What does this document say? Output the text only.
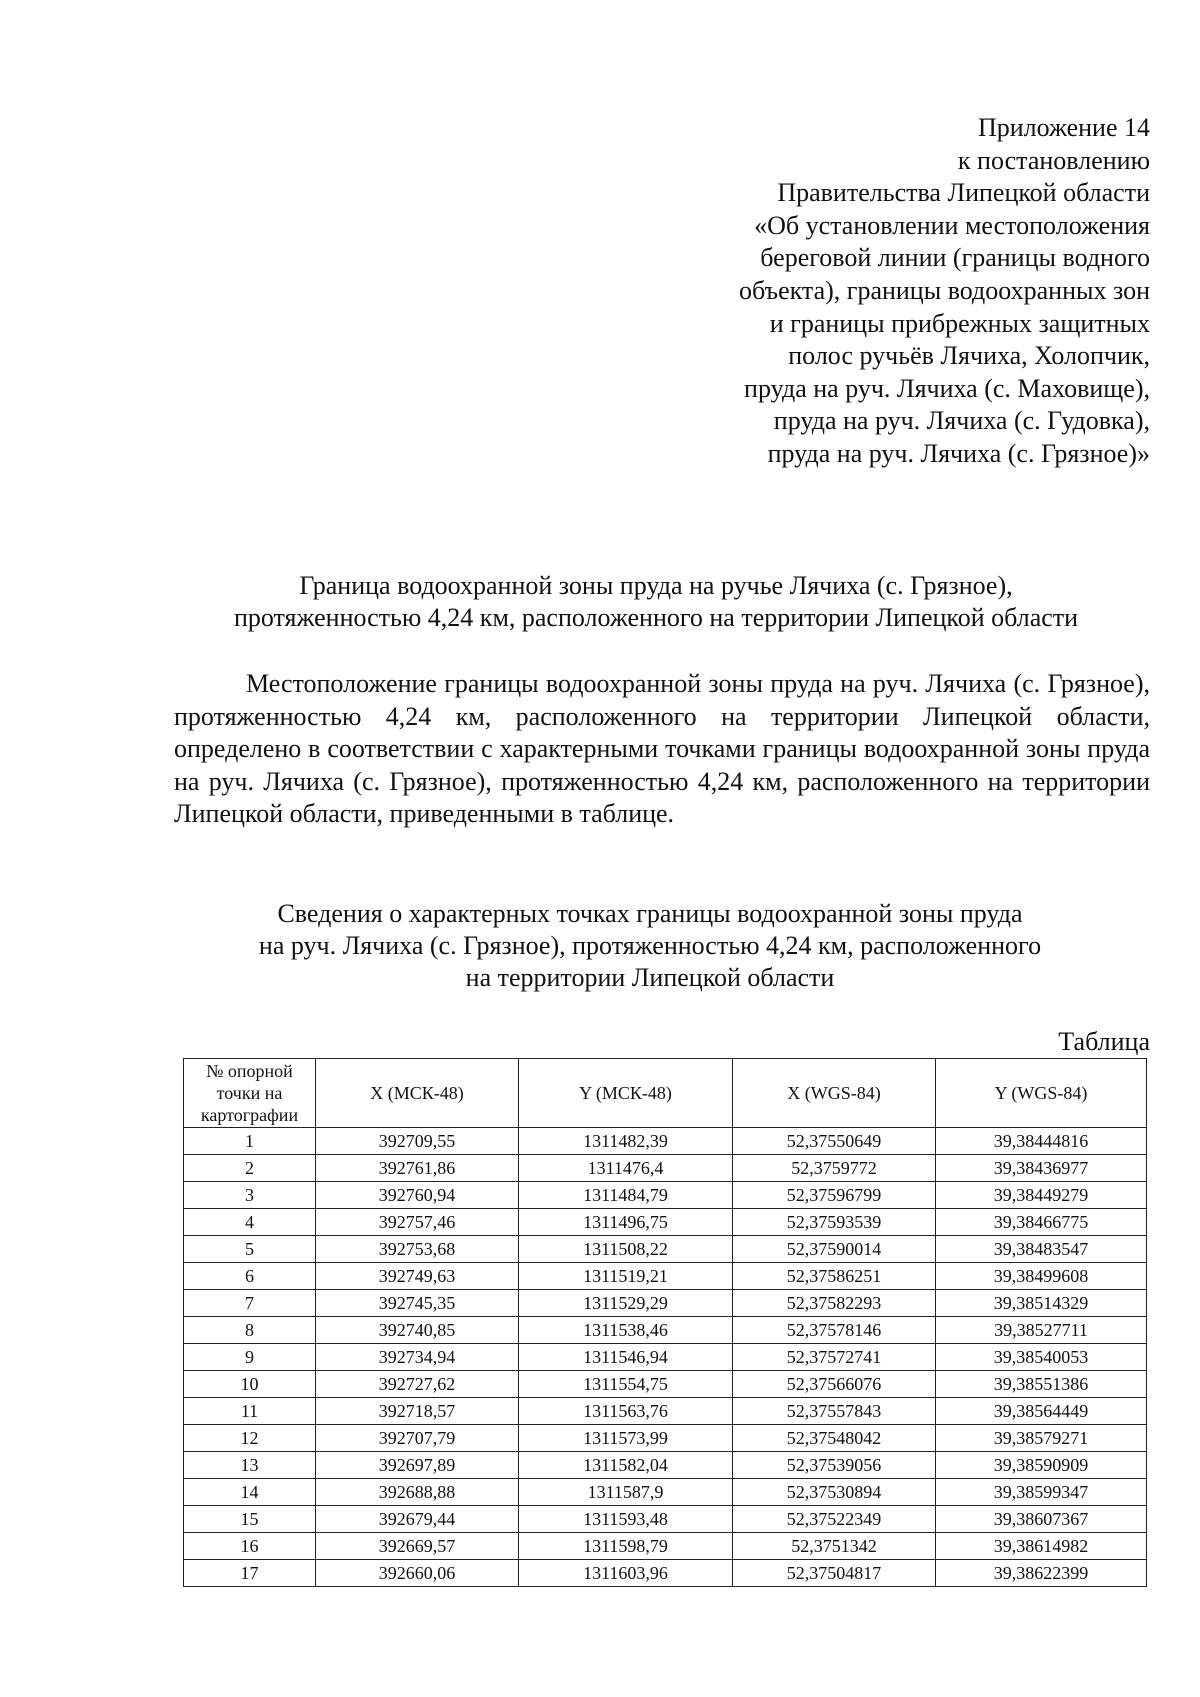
Приложение 14
к постановлению
Правительства Липецкой области
«Об установлении местоположения
береговой линии (границы водного
объекта), границы водоохранных зон
и границы прибрежных защитных
полос ручьёв Лячиха, Холопчик,
пруда на руч. Лячиха (с. Маховище),
пруда на руч. Лячиха (с. Гудовка),
пруда на руч. Лячиха (с. Грязное)»
Граница водоохранной зоны пруда на ручье Лячиха (с. Грязное),
протяженностью 4,24 км, расположенного на территории Липецкой области
Местоположение границы водоохранной зоны пруда на руч. Лячиха (с. Грязное), протяженностью 4,24 км, расположенного на территории Липецкой области, определено в соответствии с характерными точками границы водоохранной зоны пруда на руч. Лячиха (с. Грязное), протяженностью 4,24 км, расположенного на территории Липецкой области, приведенными в таблице.
Сведения о характерных точках границы водоохранной зоны пруда
на руч. Лячиха (с. Грязное), протяженностью 4,24 км, расположенного
на территории Липецкой области
Таблица
№ опорной
точки на
картографии	X (МСК-48)	Y (МСК-48)	X (WGS-84)	Y (WGS-84)
1	392709,55	1311482,39	52,37550649	39,38444816
2	392761,86	1311476,4	52,3759772	39,38436977
3	392760,94	1311484,79	52,37596799	39,38449279
4	392757,46	1311496,75	52,37593539	39,38466775
5	392753,68	1311508,22	52,37590014	39,38483547
6	392749,63	1311519,21	52,37586251	39,38499608
7	392745,35	1311529,29	52,37582293	39,38514329
8	392740,85	1311538,46	52,37578146	39,38527711
9	392734,94	1311546,94	52,37572741	39,38540053
10	392727,62	1311554,75	52,37566076	39,38551386
11	392718,57	1311563,76	52,37557843	39,38564449
12	392707,79	1311573,99	52,37548042	39,38579271
13	392697,89	1311582,04	52,37539056	39,38590909
14	392688,88	1311587,9	52,37530894	39,38599347
15	392679,44	1311593,48	52,37522349	39,38607367
16	392669,57	1311598,79	52,3751342	39,38614982
17	392660,06	1311603,96	52,37504817	39,38622399
